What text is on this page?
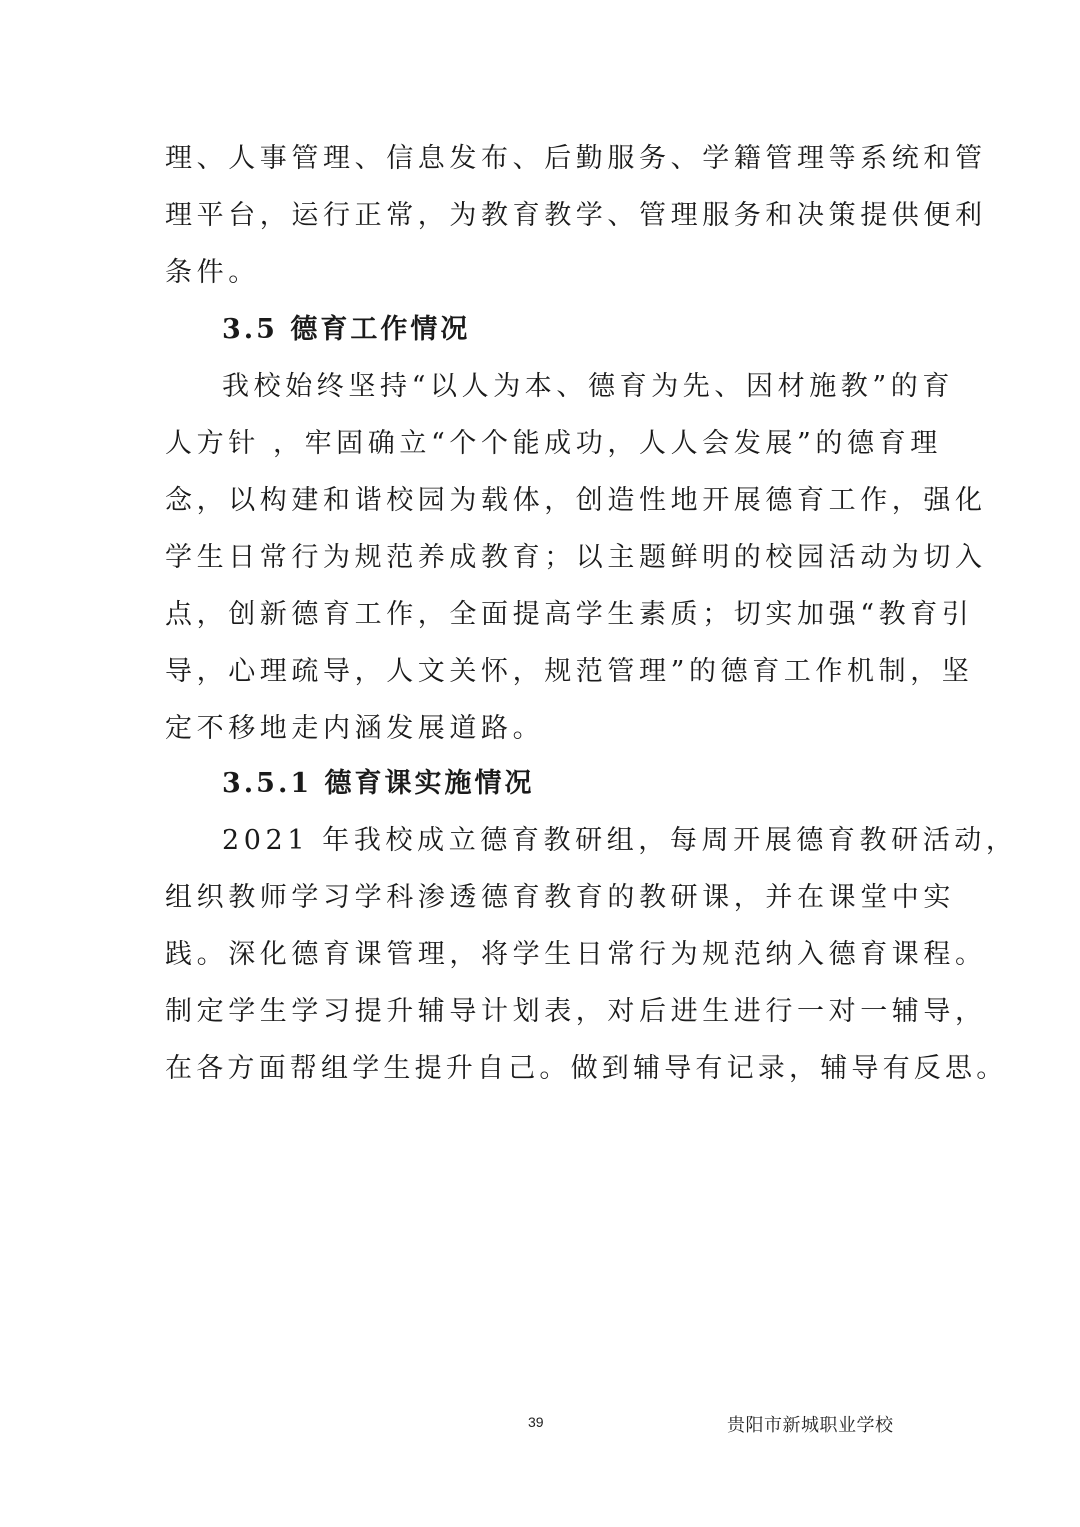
理、人事管理、信息发布、后勤服务、学籍管理等系统和管
理平台，运行正常，为教育教学、管理服务和决策提供便利
条件。
3.5 德育工作情况
我校始终坚持“以人为本、德育为先、因材施教”的育
人方针 ，牢固确立“个个能成功，人人会发展”的德育理
念，以构建和谐校园为载体，创造性地开展德育工作，强化
学生日常行为规范养成教育；以主题鲜明的校园活动为切入
点，创新德育工作，全面提高学生素质；切实加强“教育引
导，心理疏导，人文关怀，规范管理”的德育工作机制，坚
定不移地走内涵发展道路。
3.5.1 德育课实施情况
2021 年我校成立德育教研组，每周开展德育教研活动，
组织教师学习学科渗透德育教育的教研课，并在课堂中实
践。深化德育课管理，将学生日常行为规范纳入德育课程。
制定学生学习提升辅导计划表，对后进生进行一对一辅导，
在各方面帮组学生提升自己。做到辅导有记录，辅导有反思。
39	贵阳市新城职业学校
